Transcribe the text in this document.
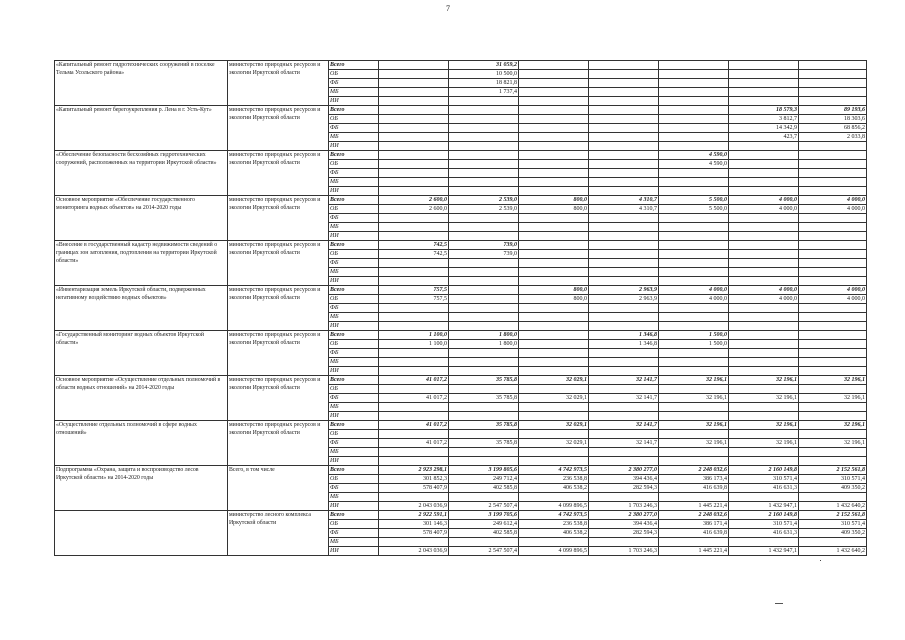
7
«Капитальный ремонт гидротехнических сооружений в поселке Тельма Усольского района»	министерство природных ресурсов и экологии Иркутской области	Всего		31 059,2					
		ОБ		10 500,0					
		ФБ		18 821,8					
		МБ		1 737,4					
		ИИ							
«Капитальный ремонт берегоукрепления р. Лена в г. Усть-Кут»	министерство природных ресурсов и экологии Иркутской области	Всего						18 579,3	89 193,6
		ОБ						3 812,7	18 303,6
		ФБ						14 342,9	68 856,2
		МБ						423,7	2 033,8
		ИИ							
«Обеспечение безопасности бесхозяйных гидротехнических сооружений, расположенных на территории Иркутской области»	министерство природных ресурсов и экологии Иркутской области	Всего					4 590,0		
		ОБ					4 590,0		
		ФБ							
		МБ							
		ИИ							
Основное мероприятие «Обеспечение государственного мониторинга водных объектов» на 2014-2020 годы	министерство природных ресурсов и экологии Иркутской области	Всего	2 600,0	2 539,0	800,0	4 310,7	5 500,0	4 000,0	4 000,0
		ОБ	2 600,0	2 539,0	800,0	4 310,7	5 500,0	4 000,0	4 000,0
		ФБ							
		МБ							
		ИИ							
«Внесение в государственный кадастр недвижимости сведений о границах зон затопления, подтопления на территории Иркутской области»	министерство природных ресурсов и экологии Иркутской области	Всего	742,5	739,0					
		ОБ	742,5	739,0					
		ФБ							
		МБ							
		ИИ							
«Инвентаризация земель Иркутской области, подверженных негативному воздействию водных объектов»	министерство природных ресурсов и экологии Иркутской области	Всего	757,5		800,0	2 963,9	4 000,0	4 000,0	4 000,0
		ОБ	757,5		800,0	2 963,9	4 000,0	4 000,0	4 000,0
		ФБ							
		МБ							
		ИИ							
«Государственный мониторинг водных объектов Иркутской области»	министерство природных ресурсов и экологии Иркутской области	Всего	1 100,0	1 800,0		1 346,8	1 500,0		
		ОБ	1 100,0	1 800,0		1 346,8	1 500,0		
		ФБ							
		МБ							
		ИИ							
Основное мероприятие «Осуществление отдельных полномочий в области водных отношений» на 2014-2020 годы	министерство природных ресурсов и экологии Иркутской области	Всего	41 017,2	35 785,8	32 029,1	32 141,7	32 196,1	32 196,1	32 196,1
		ОБ							
		ФБ	41 017,2	35 785,8	32 029,1	32 141,7	32 196,1	32 196,1	32 196,1
		МБ							
		ИИ							
«Осуществление отдельных полномочий в сфере водных отношений»	министерство природных ресурсов и экологии Иркутской области	Всего	41 017,2	35 785,8	32 029,1	32 141,7	32 196,1	32 196,1	32 196,1
		ОБ							
		ФБ	41 017,2	35 785,8	32 029,1	32 141,7	32 196,1	32 196,1	32 196,1
		МБ							
		ИИ							
Подпрограмма «Охрана, защита и воспроизводство лесов Иркутской области» на 2014-2020 годы	Всего, в том числе	Всего	2 923 298,1	3 199 805,6	4 742 973,5	2 380 277,0	2 248 032,6	2 160 149,8	2 152 561,8
		ОБ	301 852,3	249 712,4	236 538,8	394 436,4	386 173,4	310 571,4	310 571,4
		ФБ	578 407,9	402 585,8	406 538,2	282 594,3	416 639,8	416 631,3	409 350,2
		МБ							
		ИИ	2 043 036,9	2 547 507,4	4 099 896,5	1 703 246,3	1 445 221,4	1 432 947,1	1 432 640,2
	министерство лесного комплекса Иркутской области	Всего	2 922 591,1	3 199 705,6	4 742 973,5	2 380 277,0	2 248 032,6	2 160 149,8	2 152 561,8
		ОБ	301 146,3	249 612,4	236 538,8	394 436,4	386 171,4	310 571,4	310 571,4
		ФБ	578 407,9	402 585,8	406 538,2	282 594,3	416 639,8	416 631,3	409 350,2
		МБ							
		ИИ	2 043 036,9	2 547 507,4	4 099 896,5	1 703 246,3	1 445 221,4	1 432 947,1	1 432 640,2
